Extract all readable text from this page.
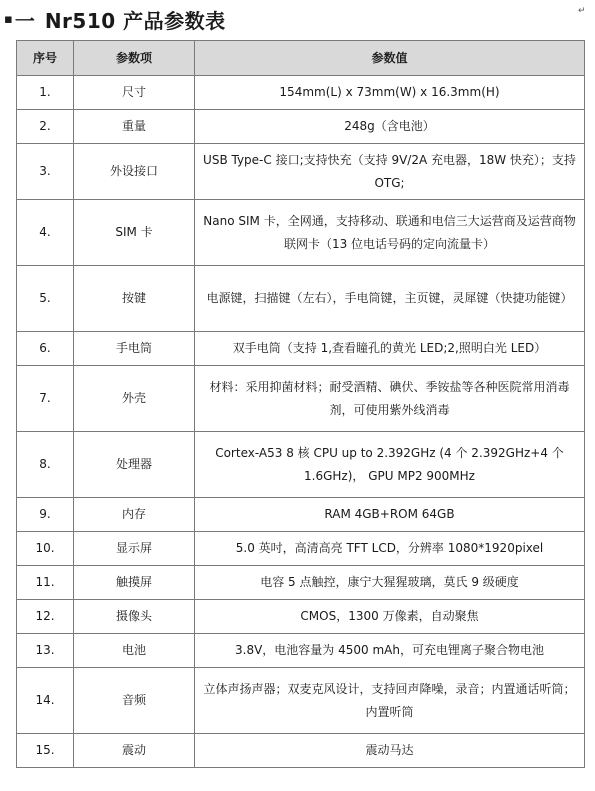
▪ 一 Nr510 产品参数表	↵
序号	参数项	参数值
1.	尺寸	154mm(L) x 73mm(W) x 16.3mm(H)
2.	重量	248g（含电池）
3.	外设接口	USB Type-C 接口;支持快充（支持 9V/2A 充电器，18W 快充）；支持 OTG;
4.	SIM 卡	Nano SIM 卡，全网通，支持移动、联通和电信三大运营商及运营商物联网卡（13 位电话号码的定向流量卡）
5.	按键	电源键，扫描键（左右），手电筒键，主页键，灵犀键（快捷功能键）
6.	手电筒	双手电筒（支持 1,查看瞳孔的黄光 LED;2,照明白光 LED）
7.	外壳	材料：采用抑菌材料；耐受酒精、碘伏、季铵盐等各种医院常用消毒剂，可使用紫外线消毒
8.	处理器	Cortex-A53 8 核 CPU up to 2.392GHz (4 个 2.392GHz+4 个 1.6GHz)， GPU MP2 900MHz
9.	内存	RAM 4GB+ROM 64GB
10.	显示屏	5.0 英吋，高清高亮 TFT LCD，分辨率 1080*1920pixel
11.	触摸屏	电容 5 点触控，康宁大猩猩玻璃，莫氏 9 级硬度
12.	摄像头	CMOS，1300 万像素，自动聚焦
13.	电池	3.8V，电池容量为 4500 mAh，可充电锂离子聚合物电池
14.	音频	立体声扬声器；双麦克风设计，支持回声降噪，录音；内置通话听筒；内置听筒
15.	震动	震动马达
